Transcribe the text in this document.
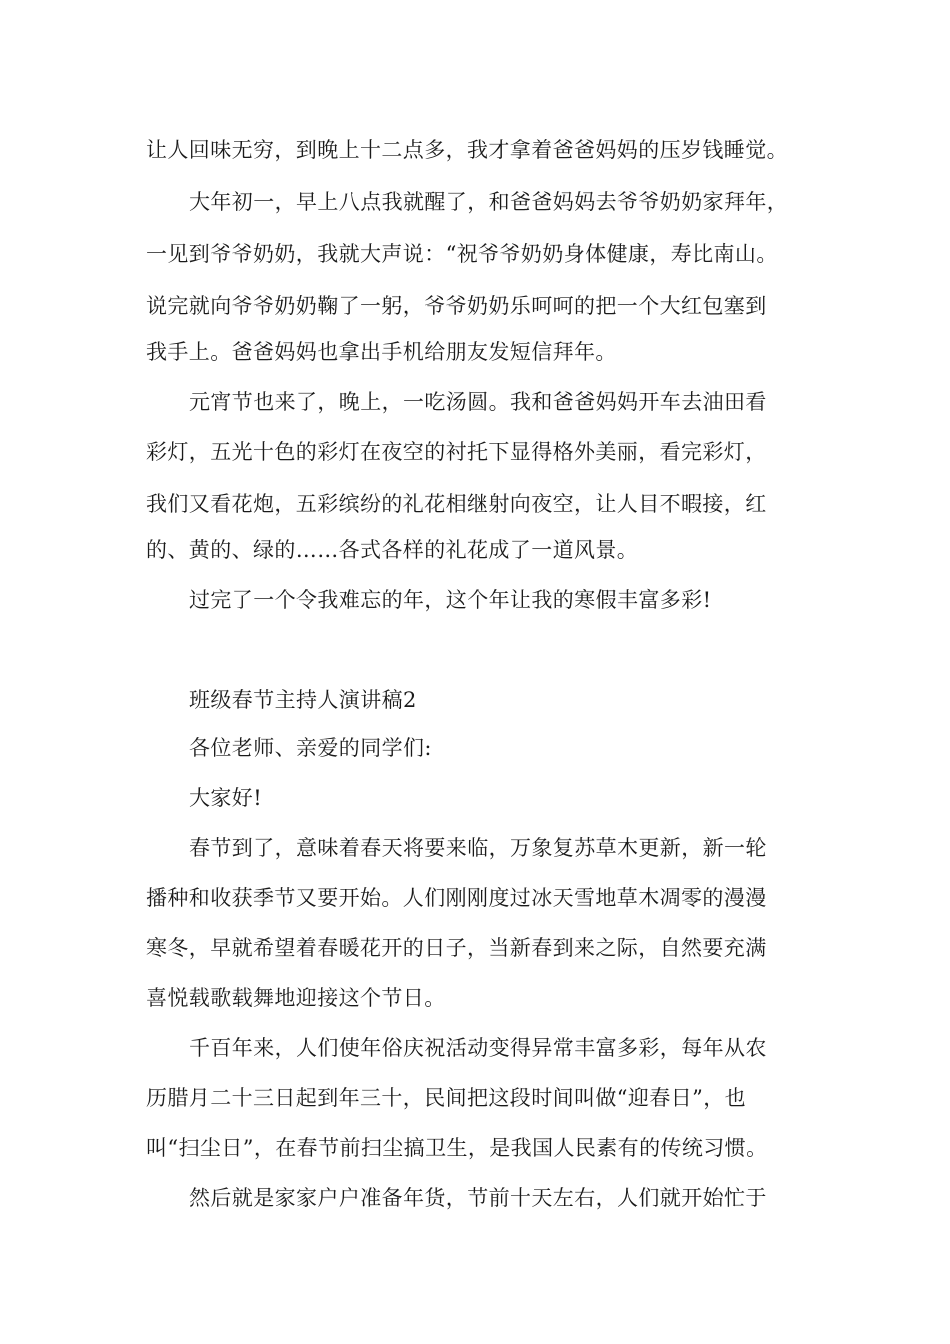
让人回味无穷，到晚上十二点多，我才拿着爸爸妈妈的压岁钱睡觉。
大年初一，早上八点我就醒了，和爸爸妈妈去爷爷奶奶家拜年，
一见到爷爷奶奶，我就大声说：“祝爷爷奶奶身体健康，寿比南山。
说完就向爷爷奶奶鞠了一躬，爷爷奶奶乐呵呵的把一个大红包塞到
我手上。爸爸妈妈也拿出手机给朋友发短信拜年。
元宵节也来了，晚上，一吃汤圆。我和爸爸妈妈开车去油田看
彩灯，五光十色的彩灯在夜空的衬托下显得格外美丽，看完彩灯，
我们又看花炮，五彩缤纷的礼花相继射向夜空，让人目不暇接，红
的、黄的、绿的……各式各样的礼花成了一道风景。
过完了一个令我难忘的年，这个年让我的寒假丰富多彩!
班级春节主持人演讲稿2
各位老师、亲爱的同学们:
大家好!
春节到了，意味着春天将要来临，万象复苏草木更新，新一轮
播种和收获季节又要开始。人们刚刚度过冰天雪地草木凋零的漫漫
寒冬，早就希望着春暖花开的日子，当新春到来之际，自然要充满
喜悦载歌载舞地迎接这个节日。
千百年来，人们使年俗庆祝活动变得异常丰富多彩，每年从农
历腊月二十三日起到年三十，民间把这段时间叫做“迎春日”，也
叫“扫尘日”，在春节前扫尘搞卫生，是我国人民素有的传统习惯。
然后就是家家户户准备年货，节前十天左右，人们就开始忙于
